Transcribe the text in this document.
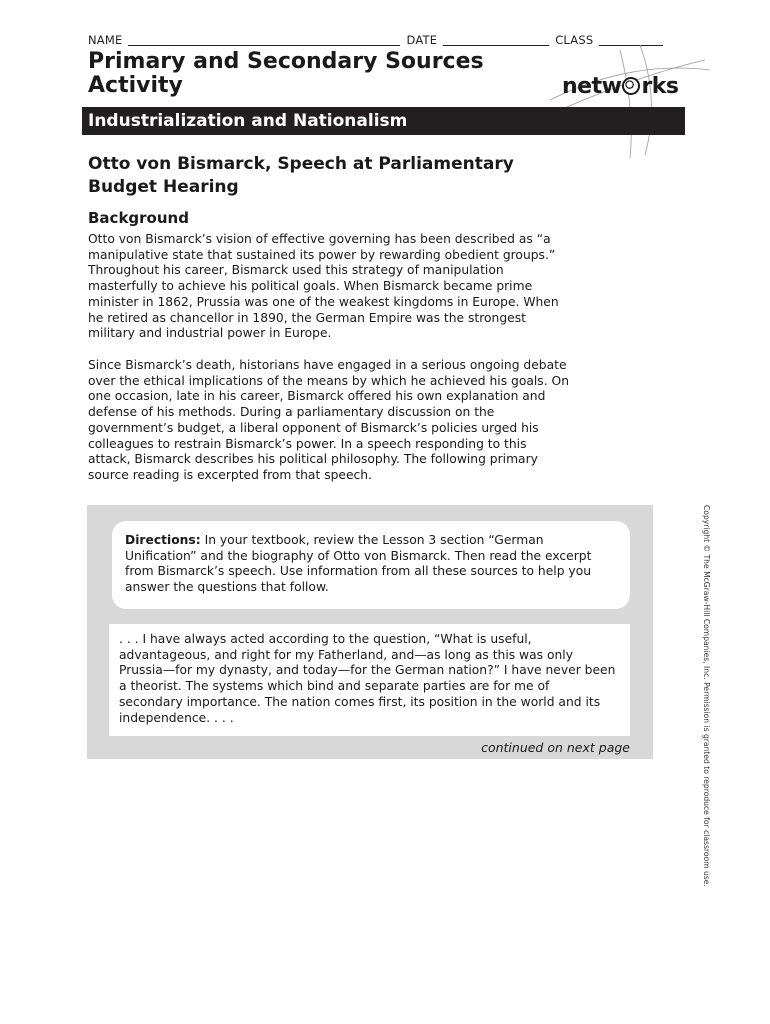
NAME	DATE	CLASS
Primary and Secondary Sources
Activity	netw rks
Industrialization and Nationalism
Otto von Bismarck, Speech at Parliamentary
Budget Hearing
Background

Otto von Bismarck’s vision of effective governing has been described as “a manipulative state that sustained its power by rewarding obedient groups.” Throughout his career, Bismarck used this strategy of manipulation masterfully to achieve his political goals. When Bismarck became prime minister in 1862, Prussia was one of the weakest kingdoms in Europe. When he retired as chancellor in 1890, the German Empire was the strongest military and industrial power in Europe.

Since Bismarck’s death, historians have engaged in a serious ongoing debate over the ethical implications of the means by which he achieved his goals. On one occasion, late in his career, Bismarck offered his own explanation and defense of his methods. During a parliamentary discussion on the government’s budget, a liberal opponent of Bismarck’s policies urged his colleagues to restrain Bismarck’s power. In a speech responding to this attack, Bismarck describes his political philosophy. The following primary source reading is excerpted from that speech.

Directions: In your textbook, review the Lesson 3 section “German Unification” and the biography of Otto von Bismarck. Then read the excerpt from Bismarck’s speech. Use information from all these sources to help you answer the questions that follow.
. . . I have always acted according to the question, “What is useful, advantageous, and right for my Fatherland, and—as long as this was only Prussia—for my dynasty, and today—for the German nation?” I have never been a theorist. The systems which bind and separate parties are for me of secondary importance. The nation comes first, its position in the world and its independence. . . .
continued on next page	Copyright © The McGraw-Hill Companies, Inc. Permission is granted to reproduce for classroom use.
